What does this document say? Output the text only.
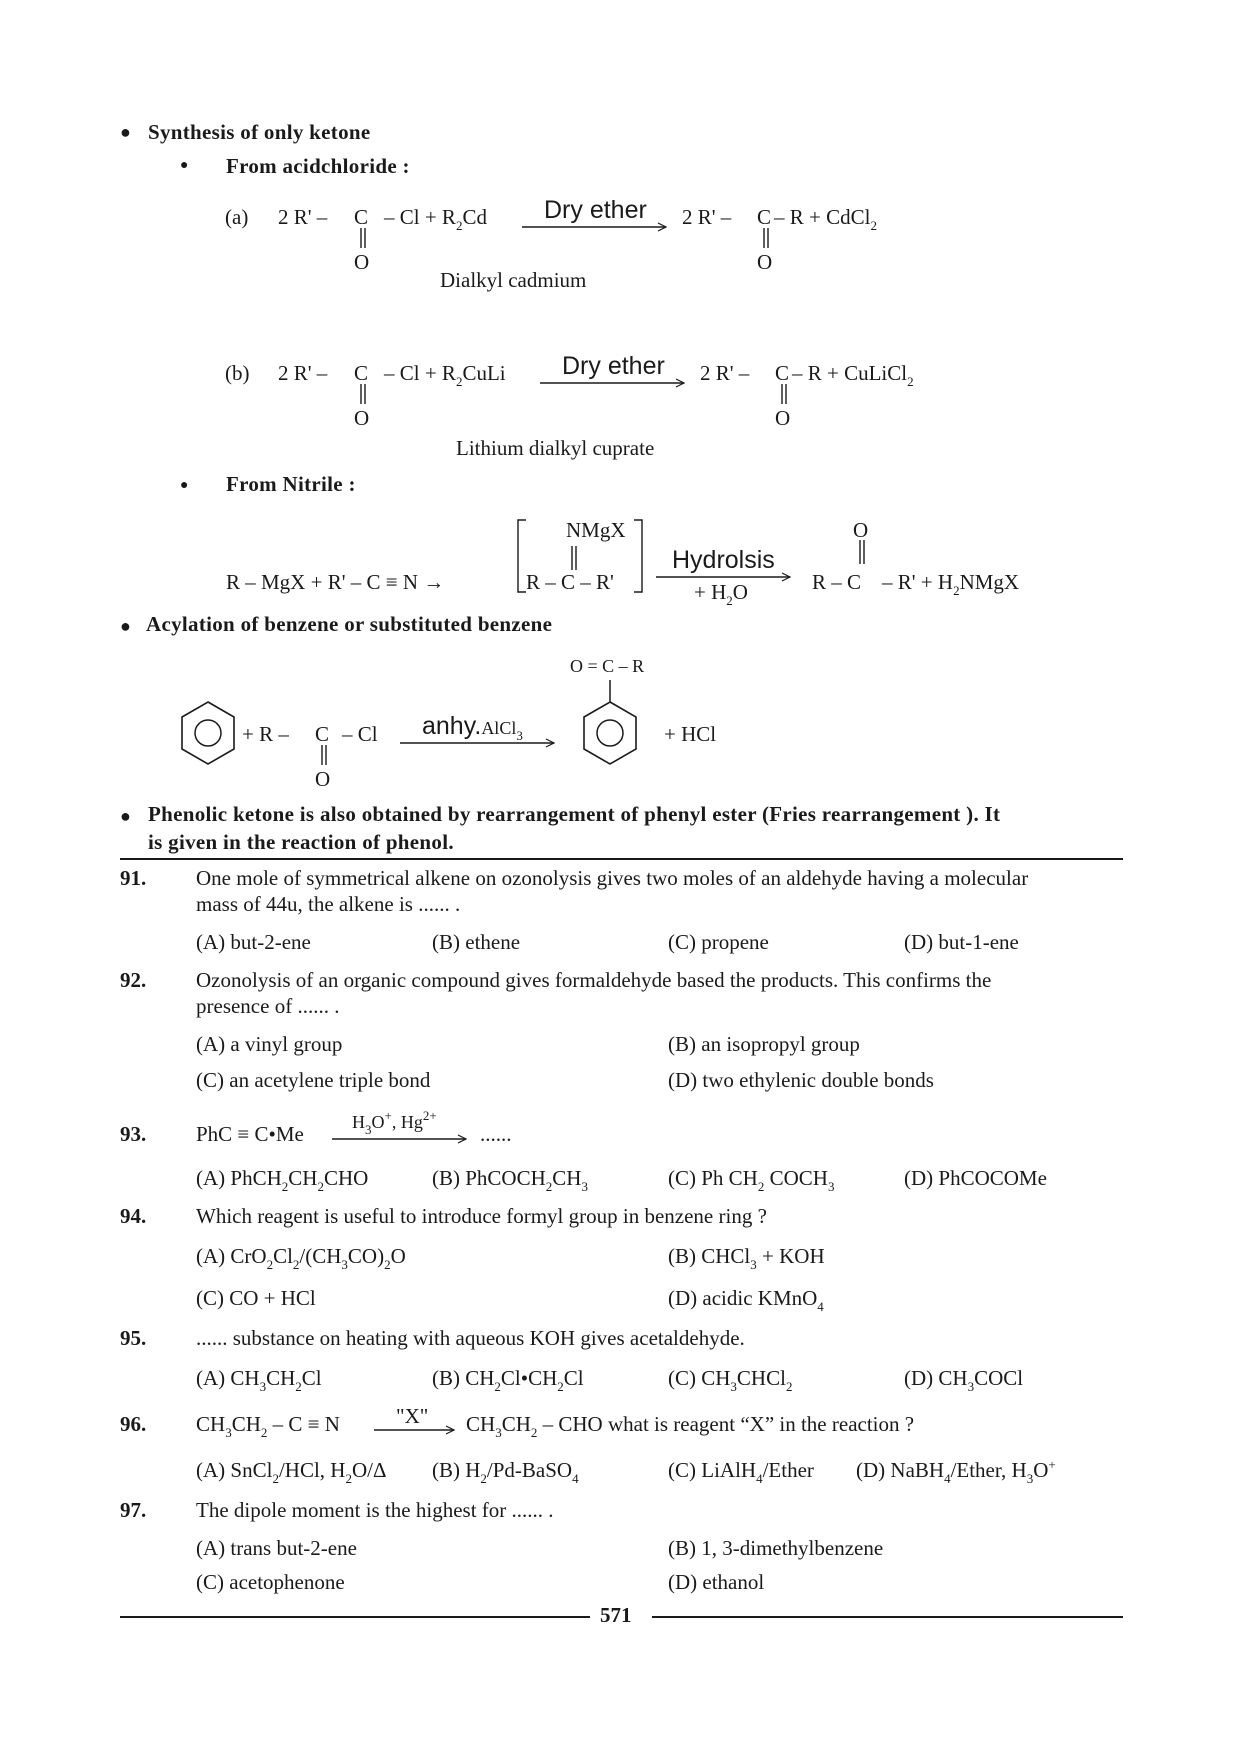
● Synthesis of only ketone
● From acidchloride :
(a) 2 R' – C
O
– $Cl + R_2Cd$ Dry ether 2 R' – C
O
– R + CdCl$_2$
Dialkyl cadmium
(b) 2 R' – C
O
– $Cl + R_2CuLi$ Dry ether 2 R' – C
O
– R + CuLiCl$_2$
Lithium dialkyl cuprate
● From Nitrile :
R – MgX + R' – C ≡ N →
NMgX
R – C – R'
Hydrolsis
+ $H_2O$
O
$R - C - R' + H_2NMgX$
● Acylation of benzene or substituted benzene
+ R – C
O
– Cl anhy.AlCl$_3$
O = C – R
+ HCl
● Phenolic ketone is also obtained by rearrangement of phenyl ester (Fries rearrangement ). It
is given in the reaction of phenol.
91. One mole of symmetrical alkene on ozonolysis gives two moles of an aldehyde having a molecular
mass of 44u, the alkene is ...... .
(A) but-2-ene	(B) ethene	(C) propene	(D) but-1-ene
92. Ozonolysis of an organic compound gives formaldehyde based the products. This confirms the
presence of ...... .
(A) a vinyl group	(B) an isopropyl group
(C) an acetylene triple bond	(D) two ethylenic double bonds
93. PhC ≡ C•Me	$H_3O^+$, $Hg^{2+}$
......
(A) $PhCH_2CH_2CHO$	(B) $PhCOCH_2CH_3$	(C) Ph $CH_2$ $COCH_3$	(D) PhCOCOMe
94. Which reagent is useful to introduce formyl group in benzene ring ?
(A) $CrO_2Cl_2/(CH_3CO)_2O$	(B) CHCl$_3$ + KOH
(C) CO + HCl	(D) acidic KMnO$_4$
95. ...... substance on heating with aqueous KOH gives acetaldehyde.
(A) $CH_3CH_2Cl$	(B) $CH_2Cl•CH_2Cl$	(C) $CH_3CHCl_2$	(D) $CH_3COCl$
96. $CH_3CH_2 - C \equiv N$	"X" $CH_3CH_2$ – CHO what is reagent “X” in the reaction ?
(A) SnCl$_2$/HCl, $H_2O/\Delta$ (B) $H_2/Pd-BaSO_4$	(C) LiAlH$_4$/Ether (D) NaBH$_4$/Ether, $H_3O^+$
97. The dipole moment is the highest for ...... .
(A) trans but-2-ene	(B) 1, 3-dimethylbenzene
(C) acetophenone	(D) ethanol
571
